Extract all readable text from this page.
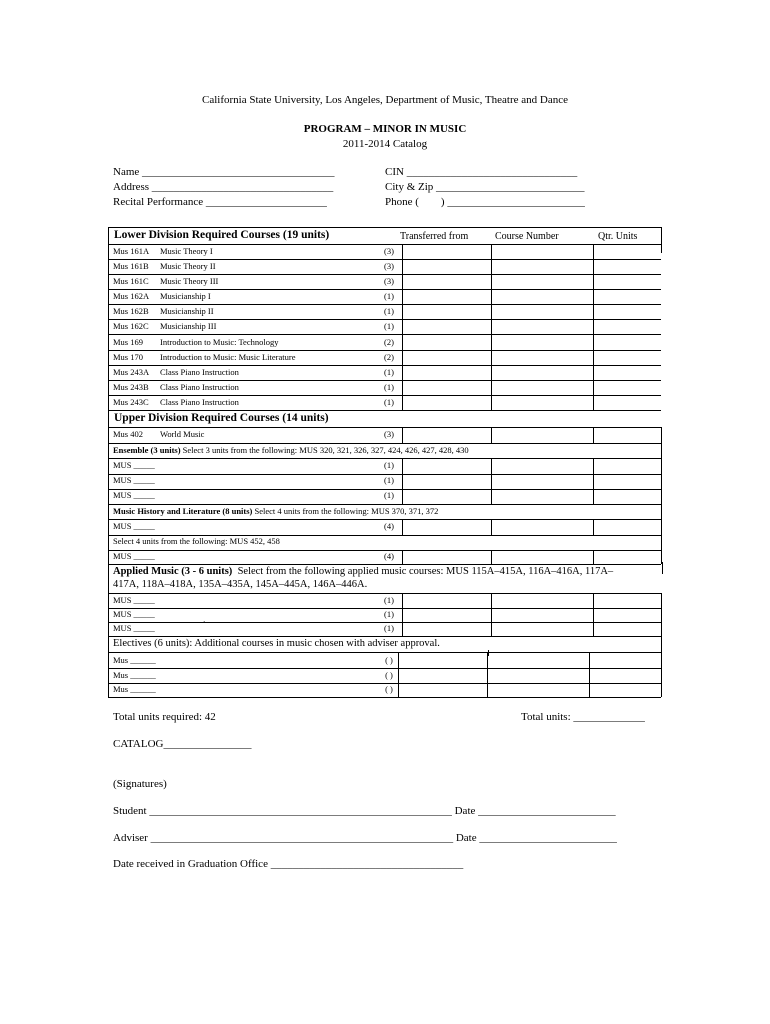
California State University, Los Angeles, Department of Music, Theatre and Dance
PROGRAM – MINOR IN MUSIC
2011-2014 Catalog
Name ___________________________________
Address _________________________________
Recital Performance ______________________
CIN _______________________________
City & Zip ___________________________
Phone (        ) _________________________
Lower Division Required Courses (19 units)	Transferred from	Course Number	Qtr. Units
Mus 161A Music Theory I	(3)
Mus 161B Music Theory II	(3)
Mus 161C Music Theory III	(3)
Mus 162A Musicianship I	(1)
Mus 162B Musicianship II	(1)
Mus 162C Musicianship III	(1)
Mus 169 Introduction to Music: Technology	(2)
Mus 170 Introduction to Music: Music Literature	(2)
Mus 243A Class Piano Instruction	(1)
Mus 243B Class Piano Instruction	(1)
Mus 243C Class Piano Instruction	(1)
Upper Division Required Courses (14 units)
Mus 402 World Music	(3)
Ensemble (3 units) Select 3 units from the following: MUS 320, 321, 326, 327, 424, 426, 427, 428, 430
MUS _____	(1)
MUS _____	(1)
MUS _____	(1)
Music History and Literature (8 units) Select 4 units from the following: MUS 370, 371, 372
MUS _____	(4)
Select 4 units from the following: MUS 452, 458
MUS _____	(4)
Applied Music (3 - 6 units)  Select from the following applied music courses: MUS 115A–415A, 116A–416A, 117A–
417A, 118A–418A, 135A–435A, 145A–445A, 146A–446A.
MUS _____	(1)
MUS _____	(1)
MUS _____	(1)
`
Electives (6 units): Additional courses in music chosen with adviser approval.
Mus ______	( )
Mus ______	( )
Mus ______	( )
Total units required: 42	Total units: _____________
CATALOG________________
(Signatures)
Student _______________________________________________________ Date _________________________
Adviser _______________________________________________________ Date _________________________
Date received in Graduation Office ___________________________________
